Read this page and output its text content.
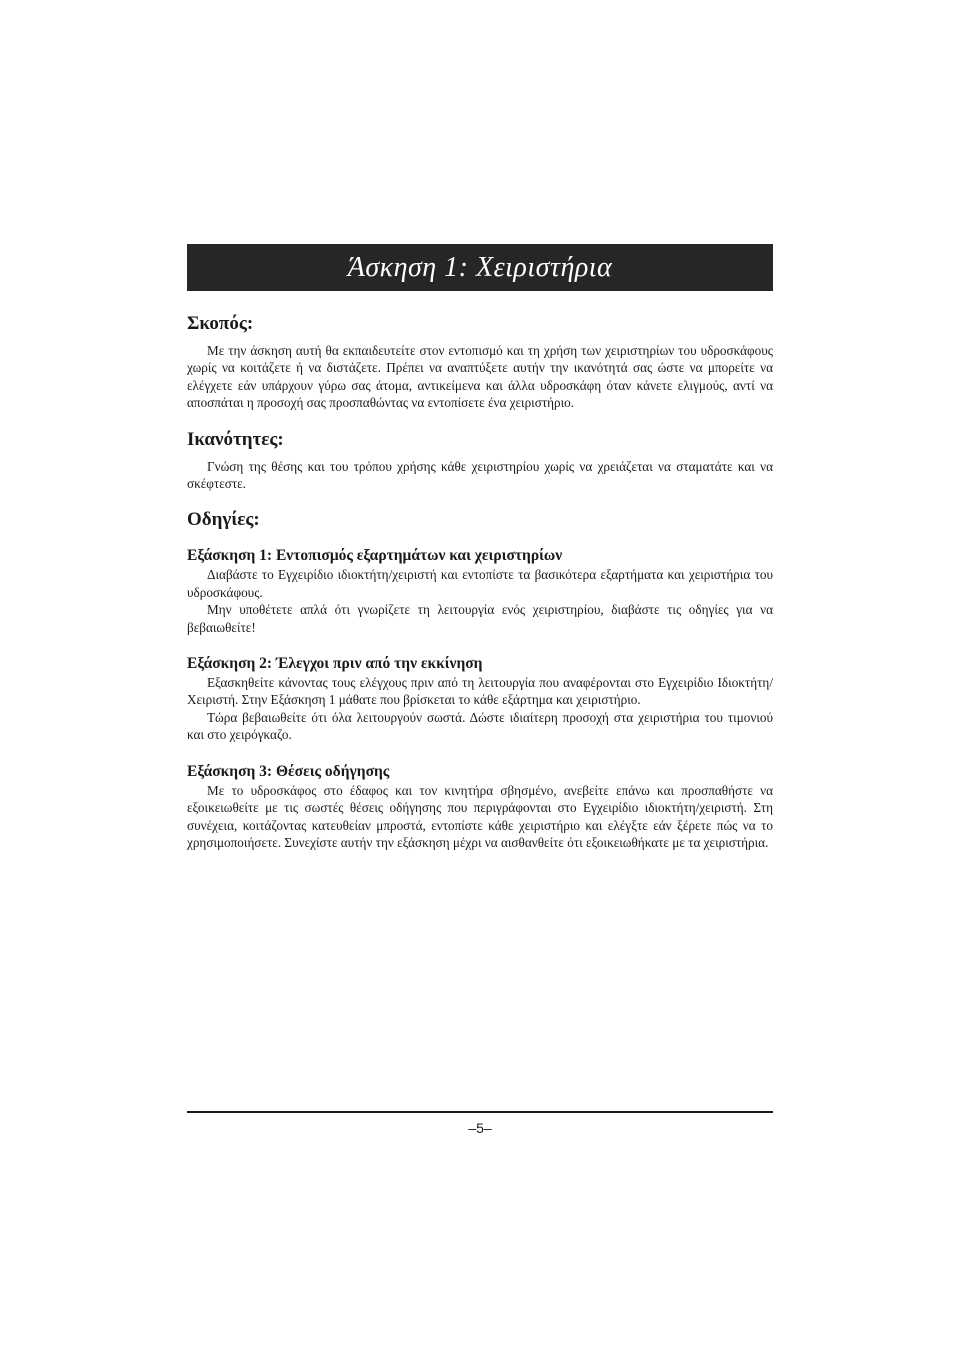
Άσκηση 1: Χειριστήρια
Σκοπός:

Με την άσκηση αυτή θα εκπαιδευτείτε στον εντοπισμό και τη χρήση των χειριστηρίων του υδροσκάφους χωρίς να κοιτάζετε ή να διστάζετε. Πρέπει να αναπτύξετε αυτήν την ικανότητά σας ώστε να μπορείτε να ελέγχετε εάν υπάρχουν γύρω σας άτομα, αντικείμενα και άλλα υδροσκάφη όταν κάνετε ελιγμούς, αντί να αποσπάται η προσοχή σας προσπαθώντας να εντοπίσετε ένα χειριστήριο.

Ικανότητες:

Γνώση της θέσης και του τρόπου χρήσης κάθε χειριστηρίου χωρίς να χρειάζεται να σταματάτε και να σκέφτεστε.

Οδηγίες:
Εξάσκηση 1: Εντοπισμός εξαρτημάτων και χειριστηρίων

Διαβάστε το Εγχειρίδιο ιδιοκτήτη/χειριστή και εντοπίστε τα βασικότερα εξαρτήματα και χειριστήρια του υδροσκάφους.

Μην υποθέτετε απλά ότι γνωρίζετε τη λειτουργία ενός χειριστηρίου, διαβάστε τις οδηγίες για να βεβαιωθείτε!

Εξάσκηση 2: Έλεγχοι πριν από την εκκίνηση

Εξασκηθείτε κάνοντας τους ελέγχους πριν από τη λειτουργία που αναφέρονται στο Εγχειρίδιο Ιδιοκτήτη/Χειριστή. Στην Εξάσκηση 1 μάθατε που βρίσκεται το κάθε εξάρτημα και χειριστήριο.

Τώρα βεβαιωθείτε ότι όλα λειτουργούν σωστά. Δώστε ιδιαίτερη προσοχή στα χειριστήρια του τιμονιού και στο χειρόγκαζο.

Εξάσκηση 3: Θέσεις οδήγησης

Με το υδροσκάφος στο έδαφος και τον κινητήρα σβησμένο, ανεβείτε επάνω και προσπαθήστε να εξοικειωθείτε με τις σωστές θέσεις οδήγησης που περιγράφονται στο Εγχειρίδιο ιδιοκτήτη/χειριστή. Στη συνέχεια, κοιτάζοντας κατευθείαν μπροστά, εντοπίστε κάθε χειριστήριο και ελέγξτε εάν ξέρετε πώς να το χρησιμοποιήσετε. Συνεχίστε αυτήν την εξάσκηση μέχρι να αισθανθείτε ότι εξοικειωθήκατε με τα χειριστήρια.

–5–
